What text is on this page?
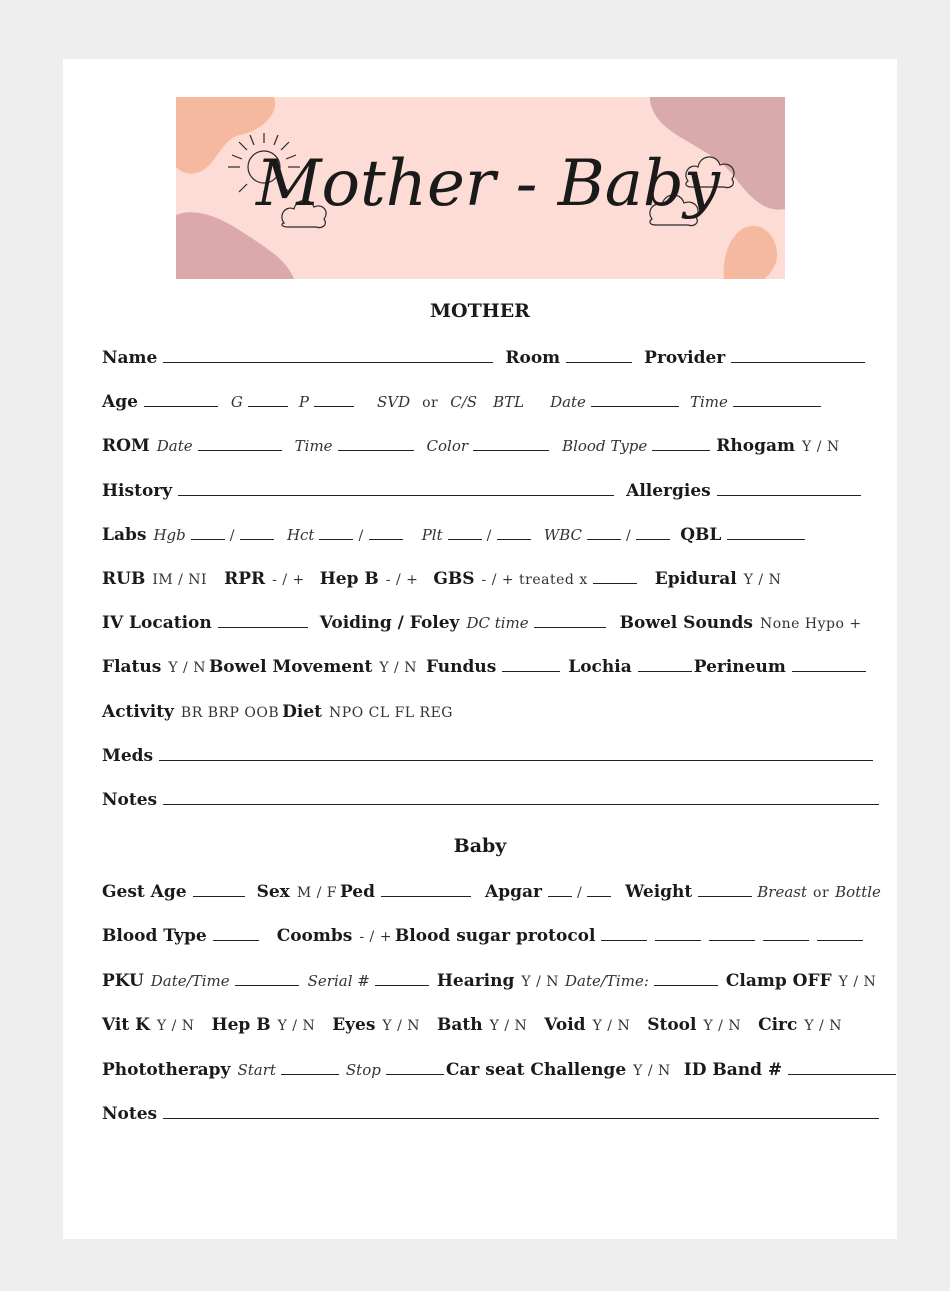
Mother - Baby
MOTHER
Name	Room	Provider
Age	G	P	SVD or C/S BTL Date	Time
ROM Date	Time	Color	Blood Type	Rhogam Y / N
History	Allergies
Labs Hgb	/	Hct	/	Plt	/	WBC	/	QBL
RUB IM / NI RPR - / + Hep B - / + GBS - / + treated x	Epidural Y / N
IV Location	Voiding / Foley DC time	Bowel Sounds None Hypo +
Flatus Y / N Bowel Movement Y / N Fundus	Lochia	Perineum
Activity BR BRP OOB Diet NPO CL FL REG
Meds
Notes
Baby
Gest Age	Sex M / F Ped	Apgar	/	Weight	Breast or Bottle
Blood Type	Coombs - / + Blood sugar protocol
PKU Date/Time	Serial #	Hearing Y / N Date/Time:	Clamp OFF Y / N
Vit K Y / N Hep B Y / N Eyes Y / N Bath Y / N Void Y / N Stool Y / N Circ Y / N
Phototherapy Start	Stop	Car seat Challenge Y / N ID Band #
Notes
